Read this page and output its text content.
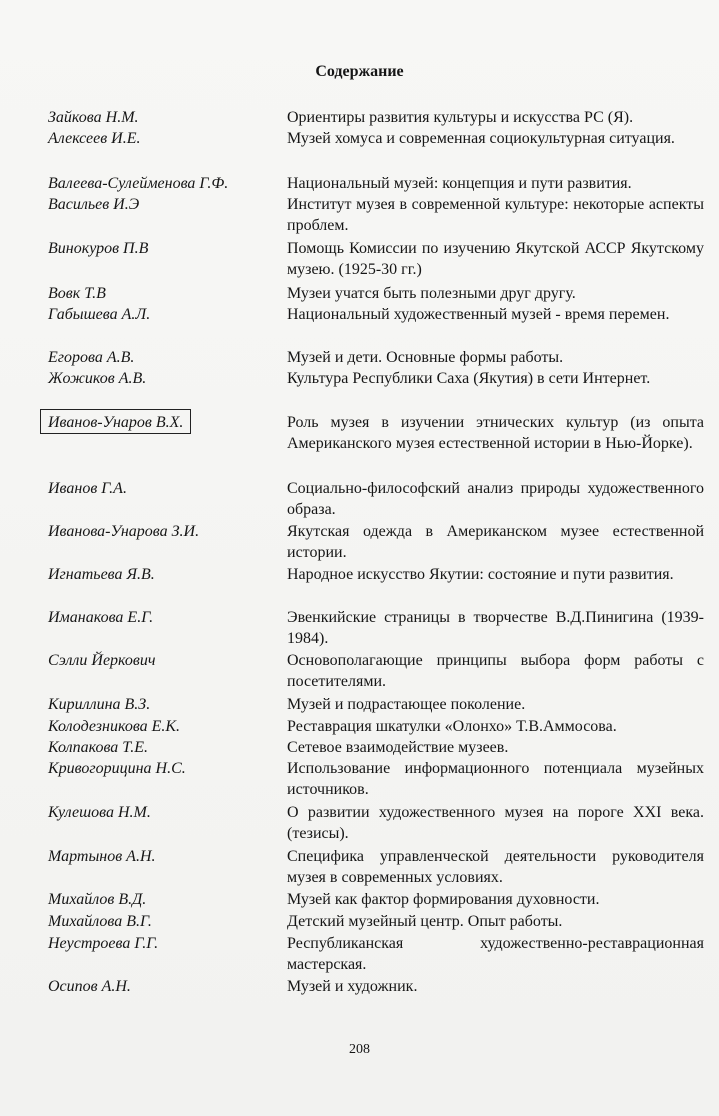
Содержание
Зайкова Н.М.	Ориентиры развития культуры и искусства РС (Я).
Алексеев И.Е.	Музей хомуса и современная социокультурная ситуация.
Валеева-Сулейменова Г.Ф.	Национальный музей: концепция и пути развития.
Васильев И.Э	Институт музея в современной культуре: некоторые аспекты проблем.
Винокуров П.В	Помощь Комиссии по изучению Якутской АССР Якутскому музею. (1925-30 гг.)
Вовк Т.В	Музеи учатся быть полезными друг другу.
Габышева А.Л.	Национальный художественный музей - время перемен.
Егорова А.В.	Музей и дети. Основные формы работы.
Жожиков А.В.	Культура Республики Саха (Якутия) в сети Интернет.
Иванов-Унаров В.Х.	Роль музея в изучении этнических культур (из опыта Американского музея естественной истории в Нью-Йорке).
Иванов Г.А.	Социально-философский анализ природы художественного образа.
Иванова-Унарова З.И.	Якутская одежда в Американском музее естественной истории.
Игнатьева Я.В.	Народное искусство Якутии: состояние и пути развития.
Иманакова Е.Г.	Эвенкийские страницы в творчестве В.Д.Пинигина (1939-1984).
Сэлли Йеркович	Основополагающие принципы выбора форм работы с посетителями.
Кириллина В.З.	Музей и подрастающее поколение.
Колодезникова Е.К.	Реставрация шкатулки «Олонхо» Т.В.Аммосова.
Колпакова Т.Е.	Сетевое взаимодействие музеев.
Кривогорицина Н.С.	Использование информационного потенциала музейных источников.
Кулешова Н.М.	О развитии художественного музея на пороге XXI века. (тезисы).
Мартынов А.Н.	Специфика управленческой деятельности руководителя музея в современных условиях.
Михайлов В.Д.	Музей как фактор формирования духовности.
Михайлова В.Г.	Детский музейный центр. Опыт работы.
Неустроева Г.Г.	Республиканская художественно-реставрационная мастерская.
Осипов А.Н.	Музей и художник.
208
